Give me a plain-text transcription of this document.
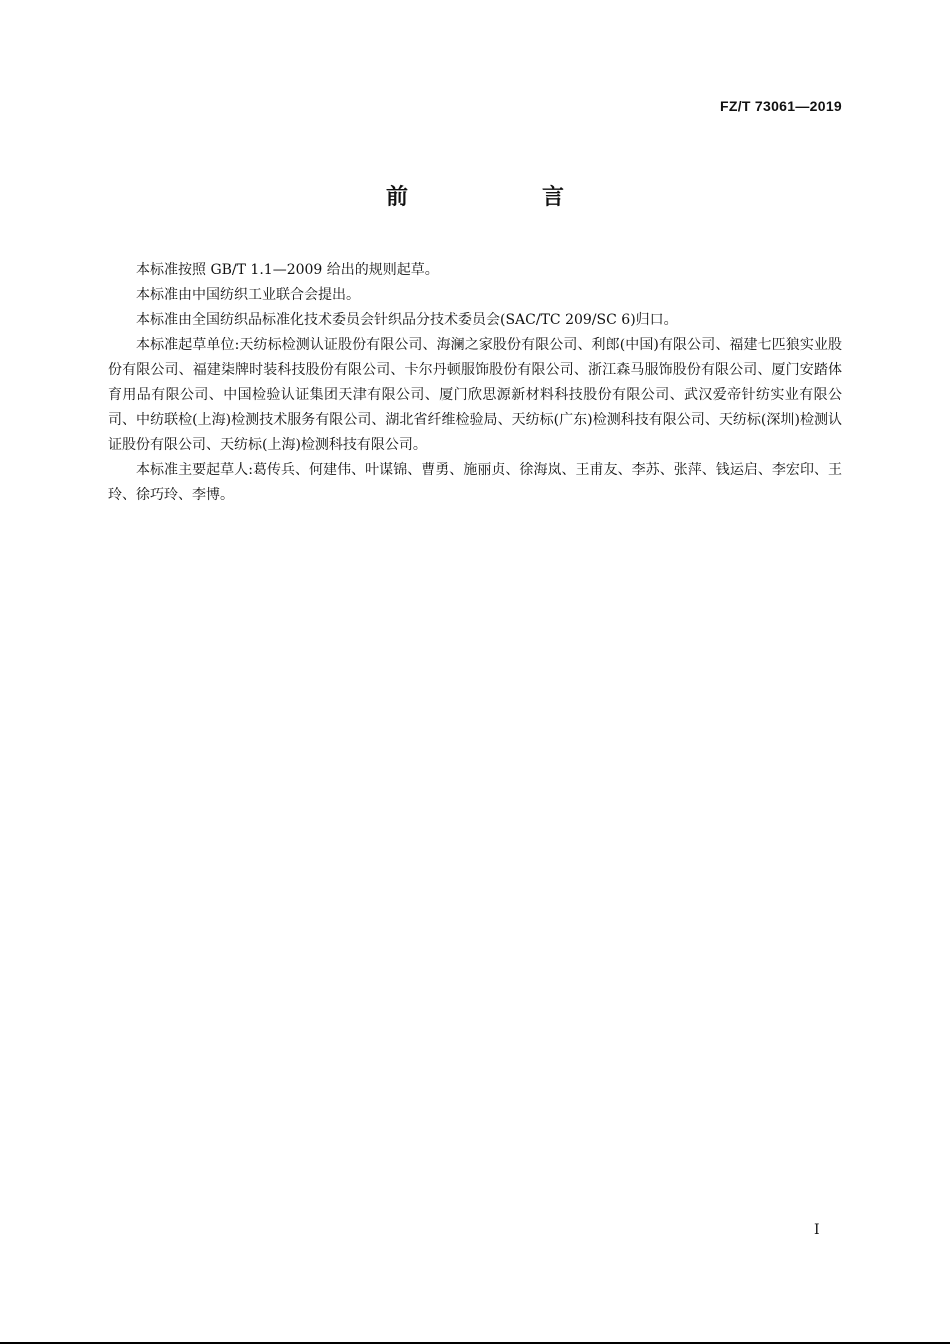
FZ/T 73061—2019
前　言

本标准按照 GB/T 1.1—2009 给出的规则起草。

本标准由中国纺织工业联合会提出。

本标准由全国纺织品标准化技术委员会针织品分技术委员会(SAC/TC 209/SC 6)归口。

本标准起草单位:天纺标检测认证股份有限公司、海澜之家股份有限公司、利郎(中国)有限公司、福建七匹狼实业股份有限公司、福建柒牌时装科技股份有限公司、卡尔丹顿服饰股份有限公司、浙江森马服饰股份有限公司、厦门安踏体育用品有限公司、中国检验认证集团天津有限公司、厦门欣思源新材料科技股份有限公司、武汉爱帝针纺实业有限公司、中纺联检(上海)检测技术服务有限公司、湖北省纤维检验局、天纺标(广东)检测科技有限公司、天纺标(深圳)检测认证股份有限公司、天纺标(上海)检测科技有限公司。

本标准主要起草人:葛传兵、何建伟、叶谋锦、曹勇、施丽贞、徐海岚、王甫友、李苏、张萍、钱运启、李宏印、王玲、徐巧玲、李博。

I
